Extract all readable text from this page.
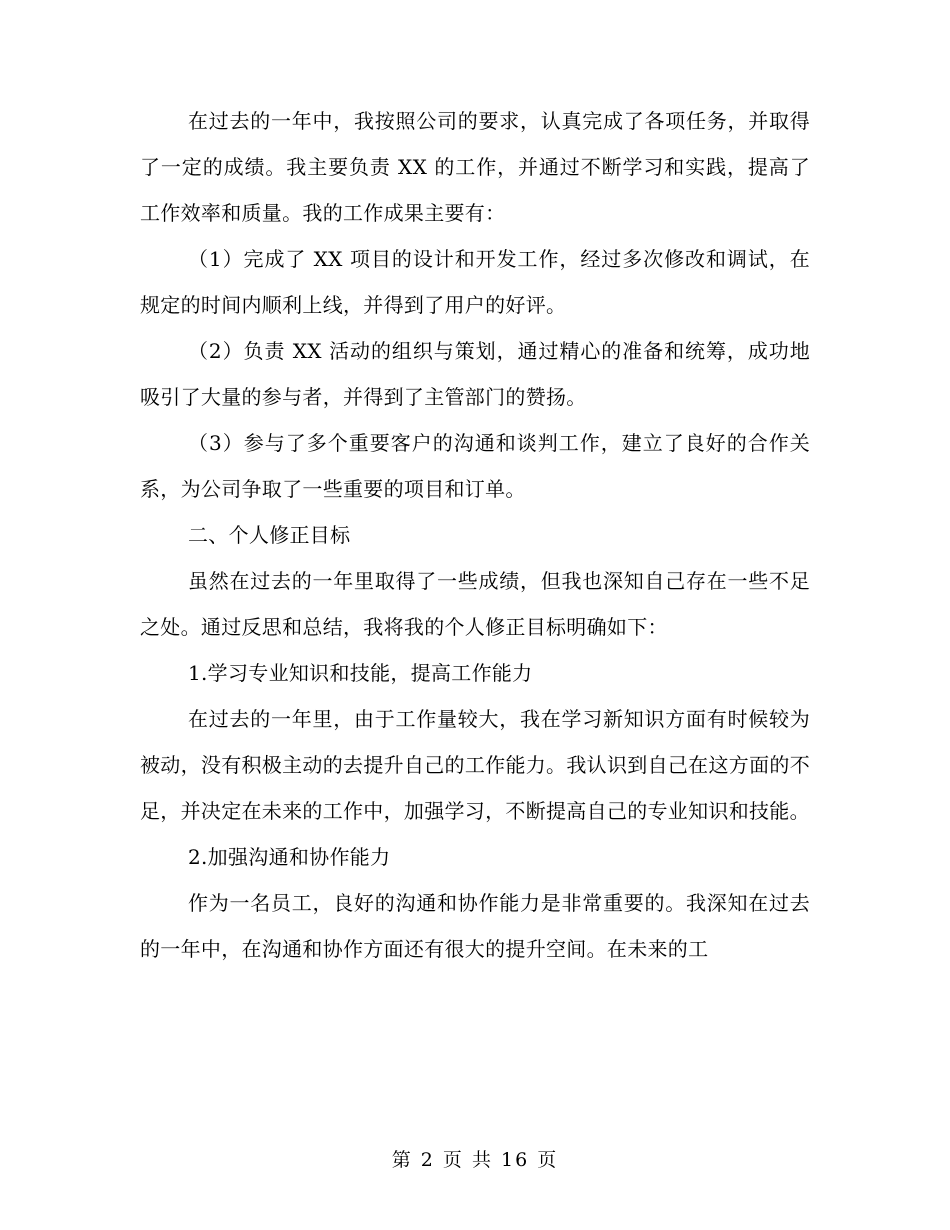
在过去的一年中，我按照公司的要求，认真完成了各项任务，并取得了一定的成绩。我主要负责 XX 的工作，并通过不断学习和实践，提高了工作效率和质量。我的工作成果主要有：

（1）完成了 XX 项目的设计和开发工作，经过多次修改和调试，在规定的时间内顺利上线，并得到了用户的好评。

（2）负责 XX 活动的组织与策划，通过精心的准备和统筹，成功地吸引了大量的参与者，并得到了主管部门的赞扬。

（3）参与了多个重要客户的沟通和谈判工作，建立了良好的合作关系，为公司争取了一些重要的项目和订单。

二、个人修正目标

虽然在过去的一年里取得了一些成绩，但我也深知自己存在一些不足之处。通过反思和总结，我将我的个人修正目标明确如下：

1.学习专业知识和技能，提高工作能力

在过去的一年里，由于工作量较大，我在学习新知识方面有时候较为被动，没有积极主动的去提升自己的工作能力。我认识到自己在这方面的不足，并决定在未来的工作中，加强学习，不断提高自己的专业知识和技能。

2.加强沟通和协作能力

作为一名员工，良好的沟通和协作能力是非常重要的。我深知在过去的一年中，在沟通和协作方面还有很大的提升空间。在未来的工

第 2 页 共 16 页
